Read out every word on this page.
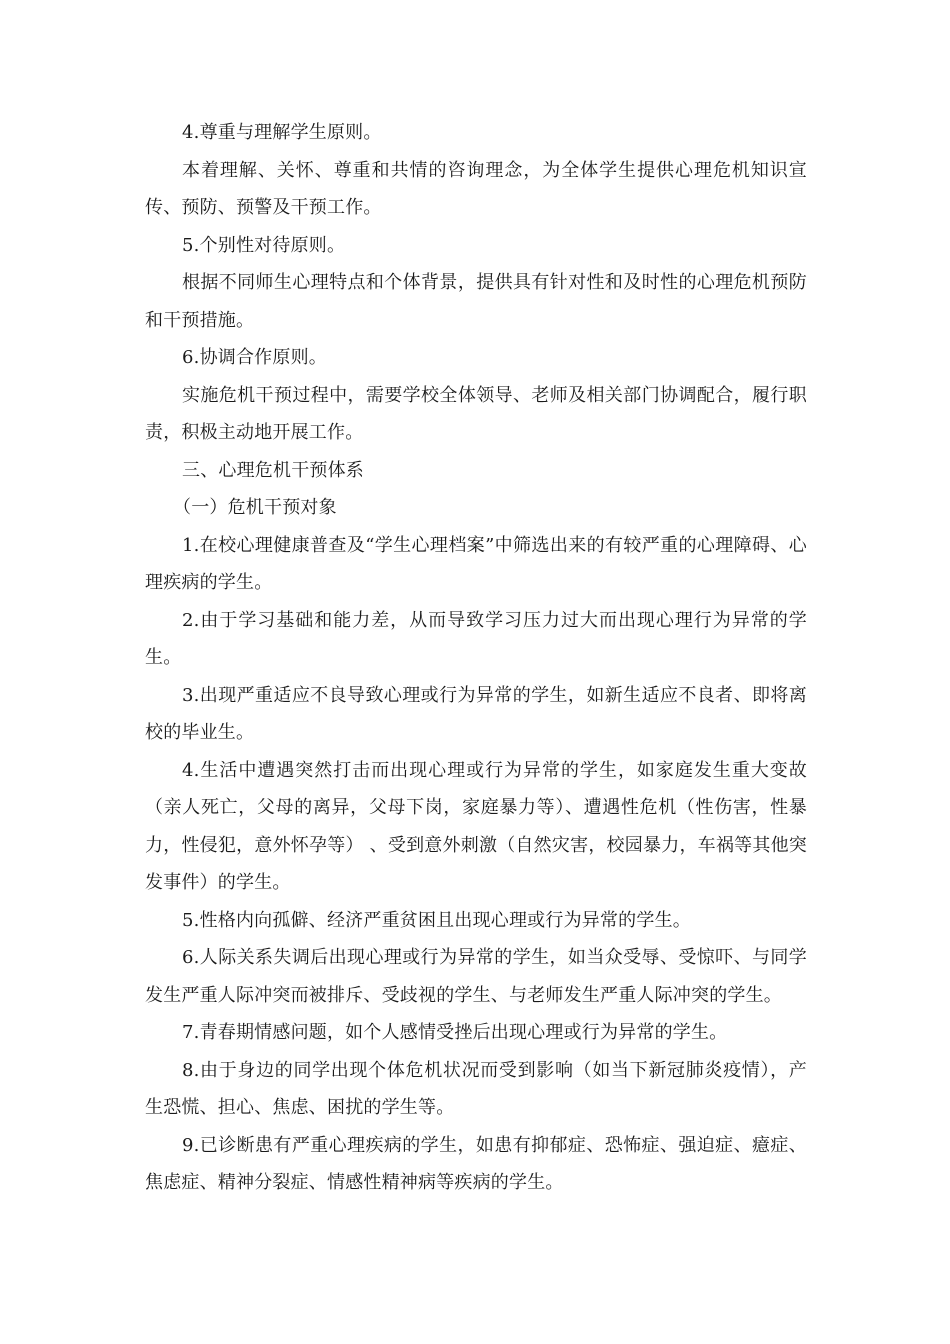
4.尊重与理解学生原则。

本着理解、关怀、尊重和共情的咨询理念，为全体学生提供心理危机知识宣传、预防、预警及干预工作。

5.个别性对待原则。

根据不同师生心理特点和个体背景，提供具有针对性和及时性的心理危机预防和干预措施。

6.协调合作原则。

实施危机干预过程中，需要学校全体领导、老师及相关部门协调配合，履行职责，积极主动地开展工作。

三、心理危机干预体系

（一）危机干预对象

1.在校心理健康普查及“学生心理档案”中筛选出来的有较严重的心理障碍、心理疾病的学生。

2.由于学习基础和能力差，从而导致学习压力过大而出现心理行为异常的学生。

3.出现严重适应不良导致心理或行为异常的学生，如新生适应不良者、即将离校的毕业生。

4.生活中遭遇突然打击而出现心理或行为异常的学生，如家庭发生重大变故（亲人死亡，父母的离异，父母下岗，家庭暴力等）、遭遇性危机（性伤害，性暴力，性侵犯，意外怀孕等） 、受到意外刺激（自然灾害，校园暴力，车祸等其他突发事件）的学生。

5.性格内向孤僻、经济严重贫困且出现心理或行为异常的学生。

6.人际关系失调后出现心理或行为异常的学生，如当众受辱、受惊吓、与同学发生严重人际冲突而被排斥、受歧视的学生、与老师发生严重人际冲突的学生。

7.青春期情感问题，如个人感情受挫后出现心理或行为异常的学生。

8.由于身边的同学出现个体危机状况而受到影响（如当下新冠肺炎疫情），产生恐慌、担心、焦虑、困扰的学生等。

9.已诊断患有严重心理疾病的学生，如患有抑郁症、恐怖症、强迫症、癔症、焦虑症、精神分裂症、情感性精神病等疾病的学生。
